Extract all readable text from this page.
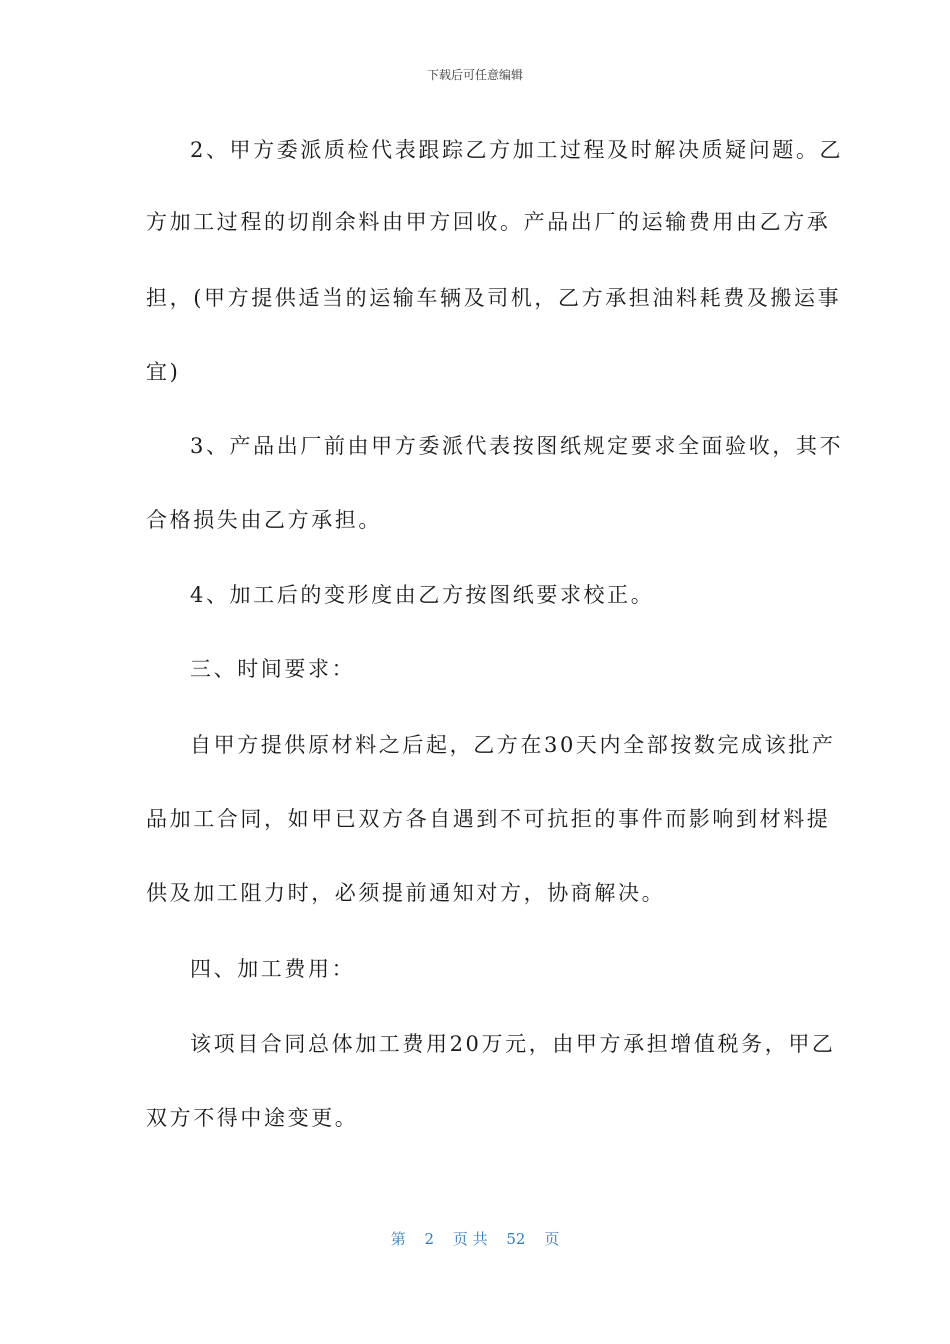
下载后可任意编辑
2、甲方委派质检代表跟踪乙方加工过程及时解决质疑问题。乙
方加工过程的切削余料由甲方回收。产品出厂的运输费用由乙方承
担，(甲方提供适当的运输车辆及司机，乙方承担油料耗费及搬运事
宜)
3、产品出厂前由甲方委派代表按图纸规定要求全面验收，其不
合格损失由乙方承担。
4、加工后的变形度由乙方按图纸要求校正。
三、时间要求：
自甲方提供原材料之后起，乙方在30天内全部按数完成该批产
品加工合同，如甲已双方各自遇到不可抗拒的事件而影响到材料提
供及加工阻力时，必须提前通知对方，协商解决。
四、加工费用：
该项目合同总体加工费用20万元，由甲方承担增值税务，甲乙
双方不得中途变更。
第 2 页 共 52 页
